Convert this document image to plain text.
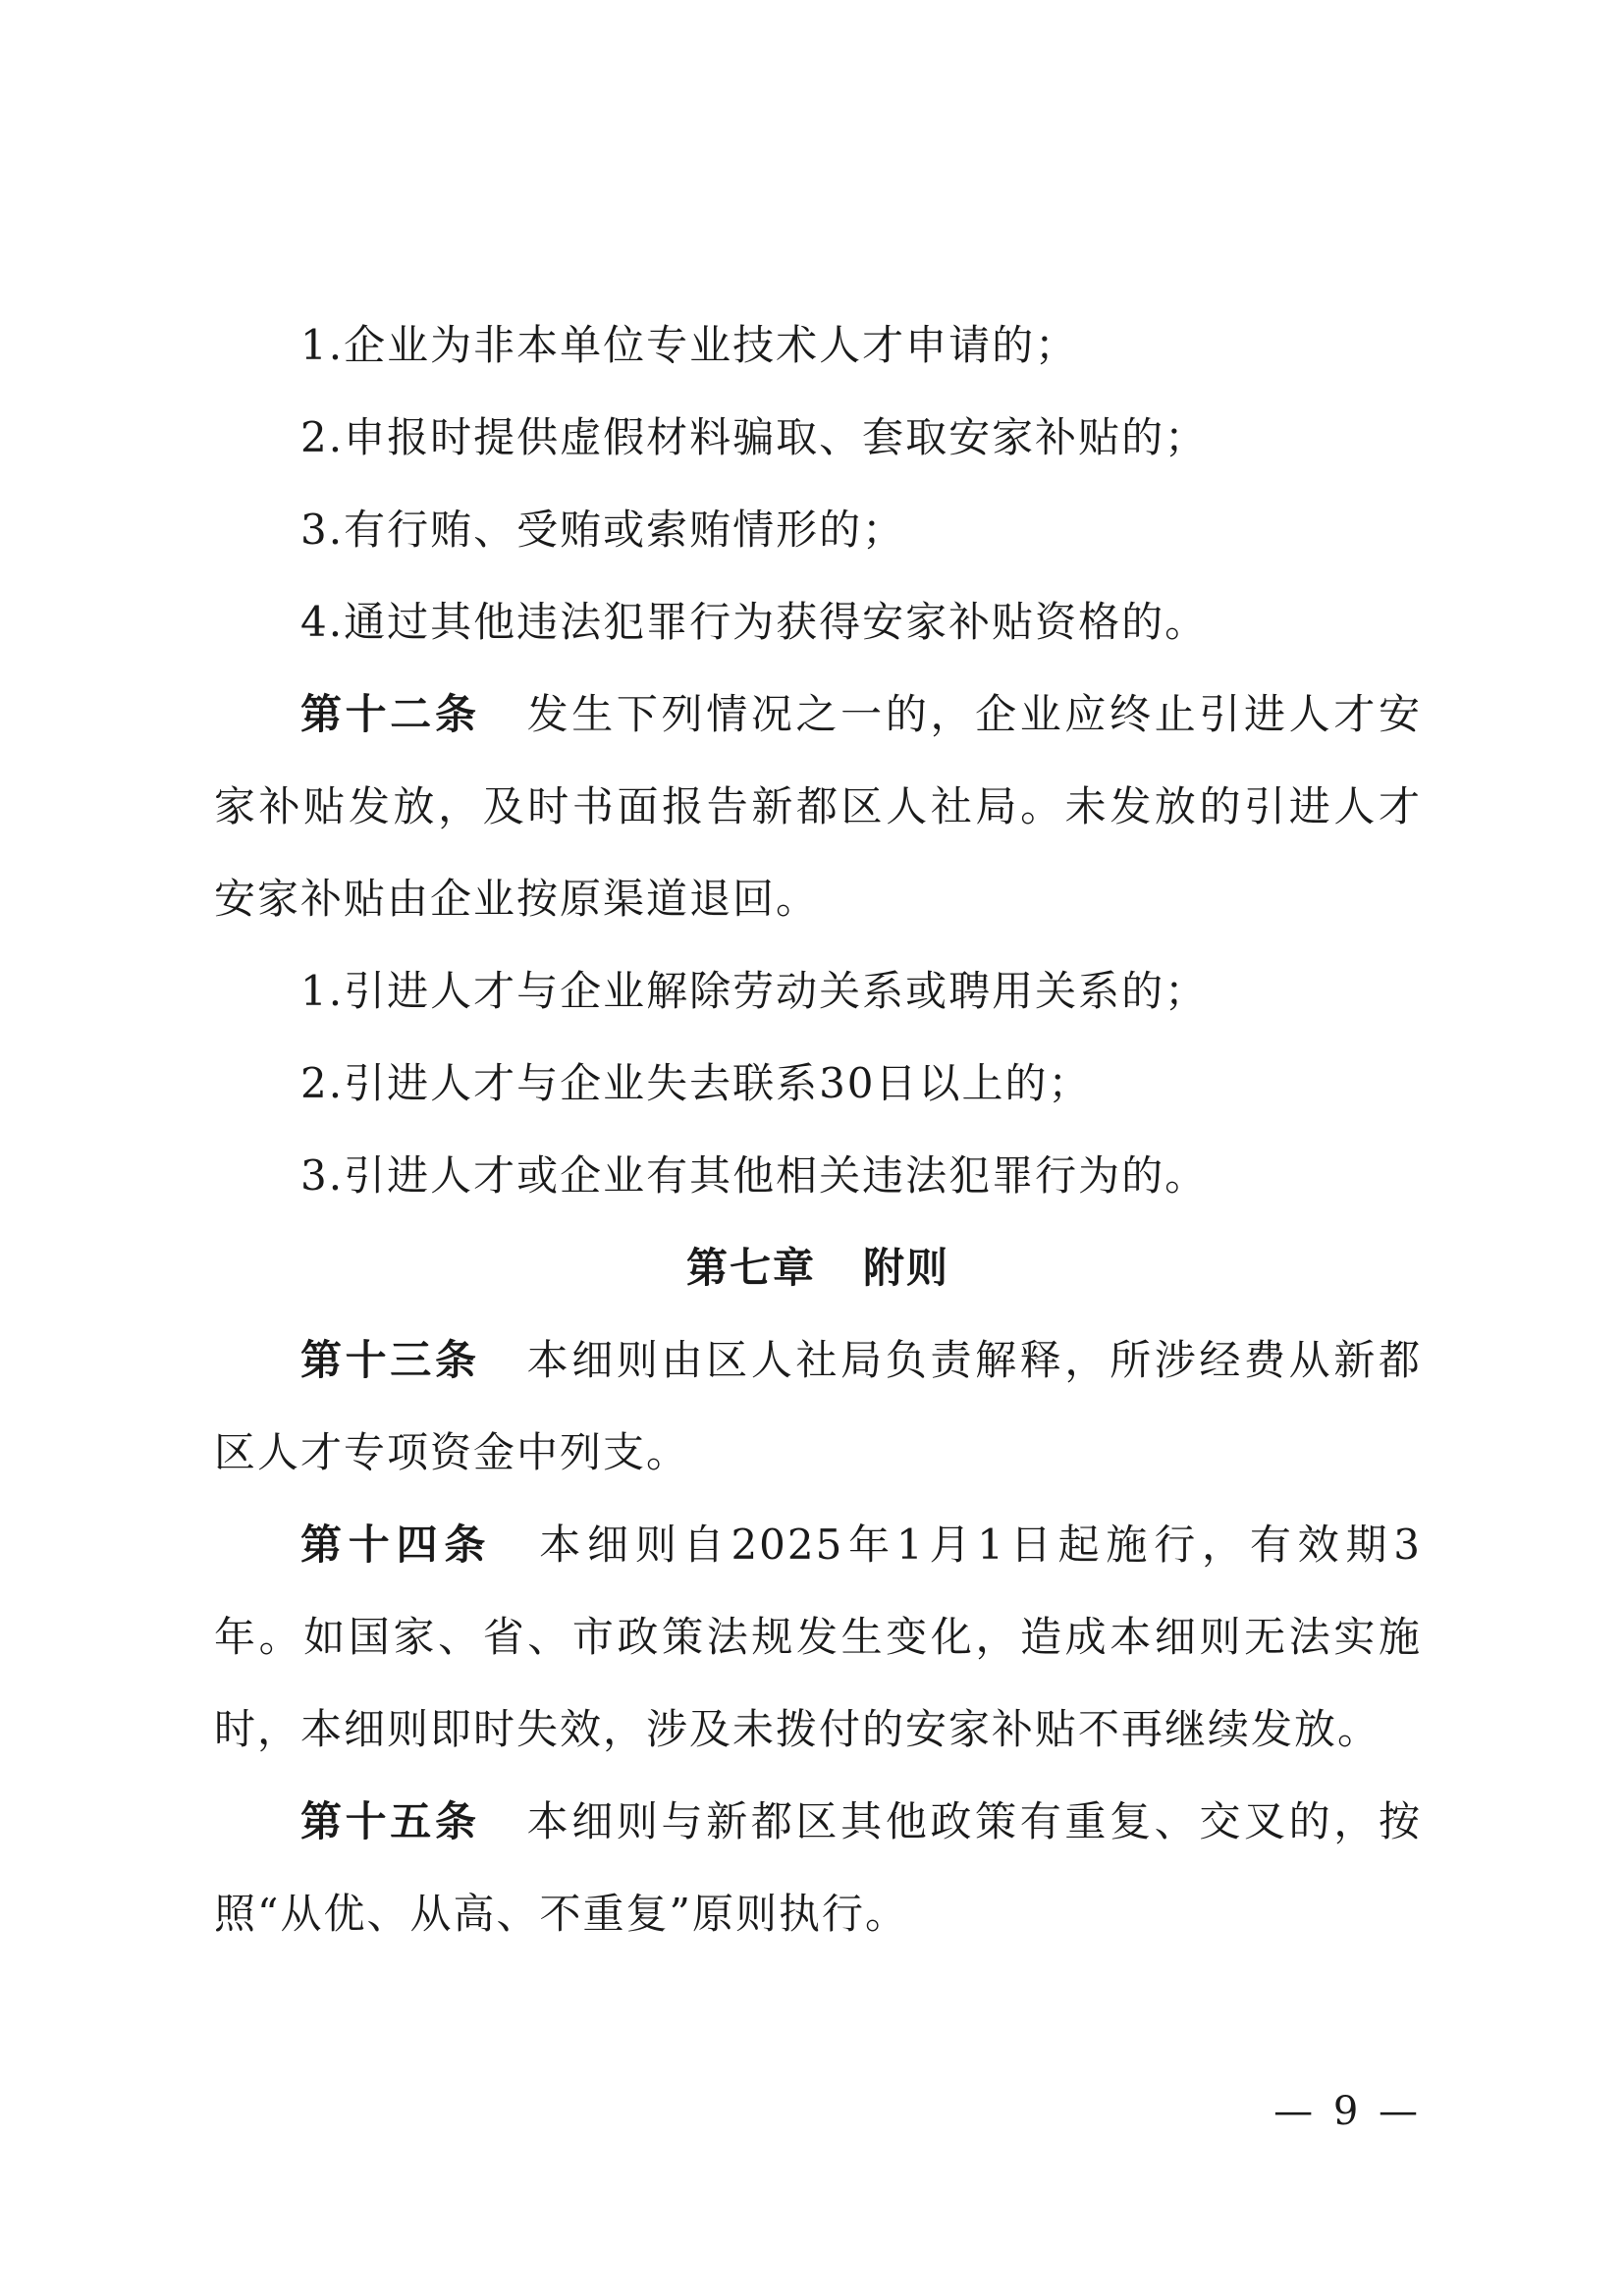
1.企业为非本单位专业技术人才申请的；
2.申报时提供虚假材料骗取、套取安家补贴的；
3.有行贿、受贿或索贿情形的；
4.通过其他违法犯罪行为获得安家补贴资格的。
第十二条 发生下列情况之一的，企业应终止引进人才安
家补贴发放，及时书面报告新都区人社局。未发放的引进人才
安家补贴由企业按原渠道退回。
1.引进人才与企业解除劳动关系或聘用关系的；
2.引进人才与企业失去联系30日以上的；
3.引进人才或企业有其他相关违法犯罪行为的。
第七章 附则
第十三条 本细则由区人社局负责解释，所涉经费从新都
区人才专项资金中列支。
第十四条 本细则自2025年1月1日起施行，有效期3
年。如国家、省、市政策法规发生变化，造成本细则无法实施
时，本细则即时失效，涉及未拨付的安家补贴不再继续发放。
第十五条 本细则与新都区其他政策有重复、交叉的，按
照“从优、从高、不重复”原则执行。
— 9 —
